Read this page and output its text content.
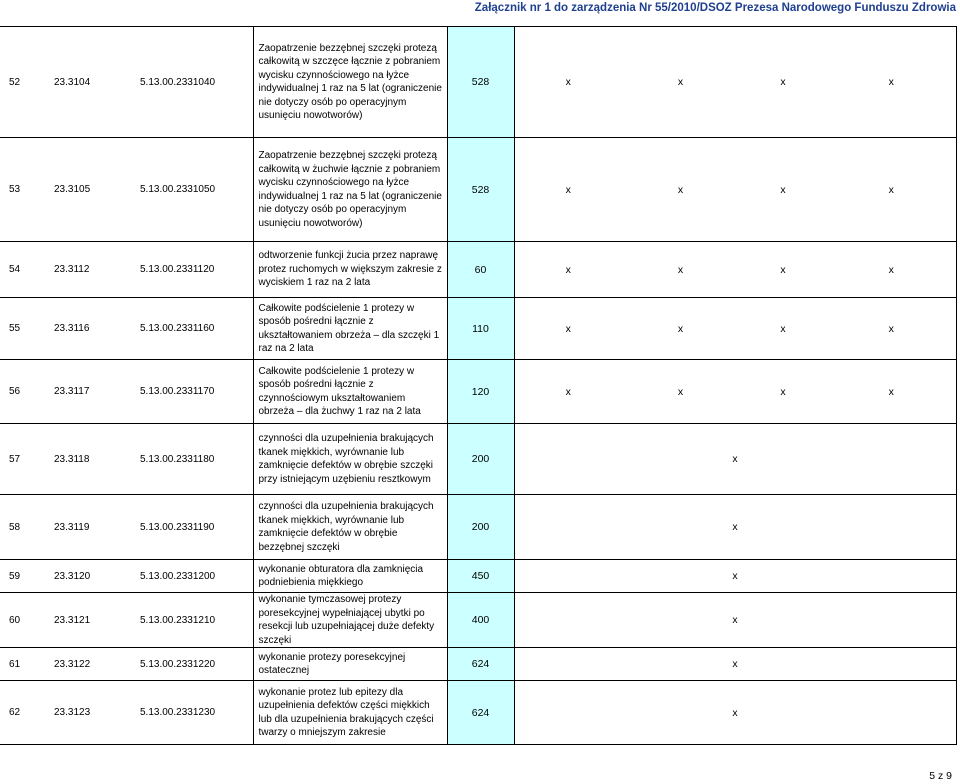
Załącznik nr 1 do zarządzenia Nr 55/2010/DSOZ Prezesa Narodowego Funduszu Zdrowia
52	23.3104	5.13.00.2331040	Zaopatrzenie bezzębnej szczęki protezą całkowitą w szczęce łącznie z pobraniem wycisku czynnościowego na łyżce indywidualnej 1 raz na 5 lat (ograniczenie nie dotyczy osób po operacyjnym usunięciu nowotworów)	528	x	x	x	x
53	23.3105	5.13.00.2331050	Zaopatrzenie bezzębnej szczęki protezą całkowitą w żuchwie łącznie z pobraniem wycisku czynnościowego na łyżce indywidualnej 1 raz na 5 lat (ograniczenie nie dotyczy osób po operacyjnym usunięciu nowotworów)	528	x	x	x	x
54	23.3112	5.13.00.2331120	odtworzenie funkcji żucia przez naprawę protez ruchomych w większym zakresie z wyciskiem 1 raz na 2 lata	60	x	x	x	x
55	23.3116	5.13.00.2331160	Całkowite podścielenie 1 protezy w sposób pośredni łącznie z ukształtowaniem obrzeża – dla szczęki 1 raz na 2 lata	110	x	x	x	x
56	23.3117	5.13.00.2331170	Całkowite podścielenie 1 protezy w sposób pośredni łącznie z czynnościowym ukształtowaniem obrzeża – dla żuchwy 1 raz na 2 lata	120	x	x	x	x
57	23.3118	5.13.00.2331180	czynności dla uzupełnienia brakujących tkanek miękkich, wyrównanie lub zamknięcie defektów w obrębie szczęki przy istniejącym uzębieniu resztkowym	200	x			
58	23.3119	5.13.00.2331190	czynności dla uzupełnienia brakujących tkanek miękkich, wyrównanie lub zamknięcie defektów w obrębie bezzębnej szczęki	200	x			
59	23.3120	5.13.00.2331200	wykonanie obturatora dla zamknięcia podniebienia miękkiego	450	x			
60	23.3121	5.13.00.2331210	wykonanie tymczasowej protezy poresekcyjnej wypełniającej ubytki po resekcji lub uzupełniającej duże defekty szczęki	400	x			
61	23.3122	5.13.00.2331220	wykonanie protezy poresekcyjnej ostatecznej	624	x			
62	23.3123	5.13.00.2331230	wykonanie protez lub epitezy dla uzupełnienia defektów części miękkich lub dla uzupełnienia brakujących części twarzy o mniejszym zakresie	624	x			
5 z 9
